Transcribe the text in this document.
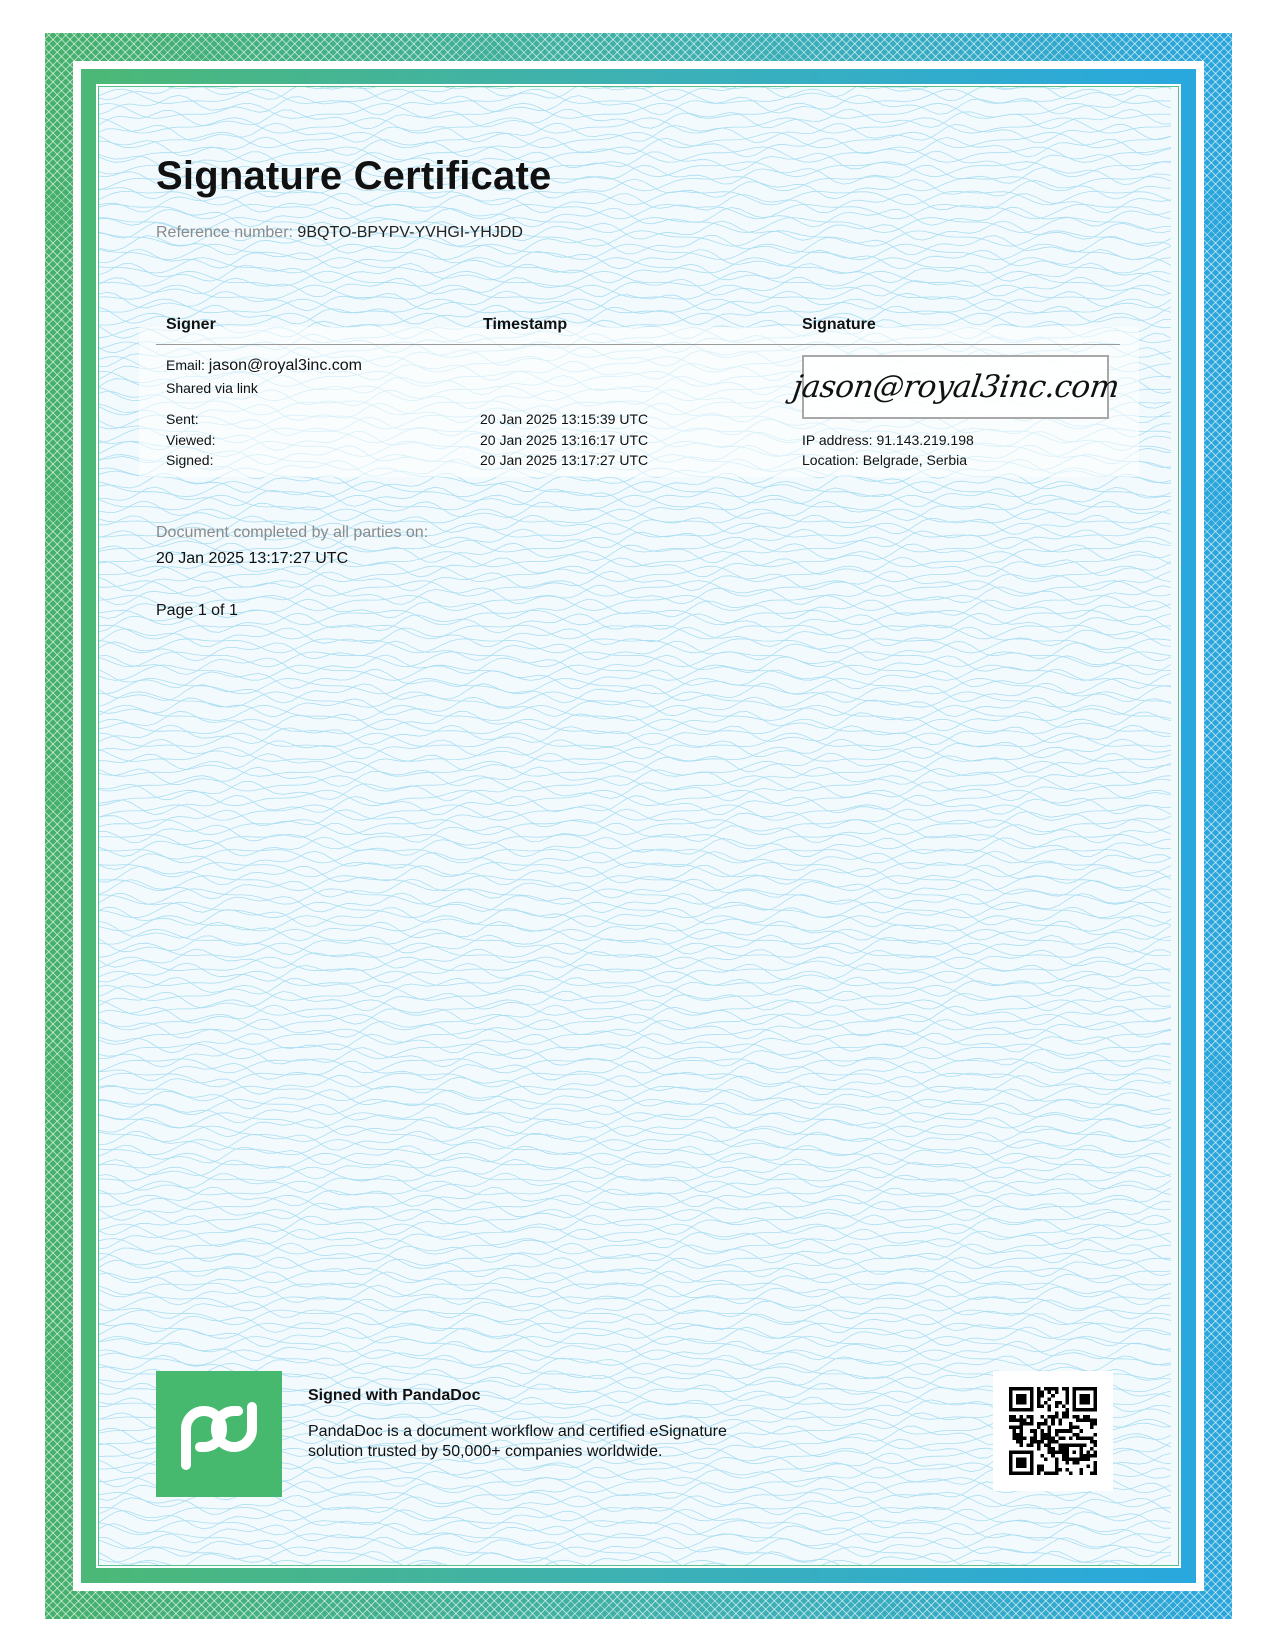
Signature Certificate
Reference number: 9BQTO-BPYPV-YVHGI-YHJDD
Signer	Timestamp	Signature
Email: jason@royal3inc.com
Shared via link
Sent:
Viewed:
Signed:
20 Jan 2025 13:15:39 UTC
20 Jan 2025 13:16:17 UTC
20 Jan 2025 13:17:27 UTC
jason@royal3inc.com
IP address: 91.143.219.198
Location: Belgrade, Serbia
Document completed by all parties on:
20 Jan 2025 13:17:27 UTC
Page 1 of 1
Signed with PandaDoc
PandaDoc is a document workflow and certified eSignature solution trusted by 50,000+ companies worldwide.
